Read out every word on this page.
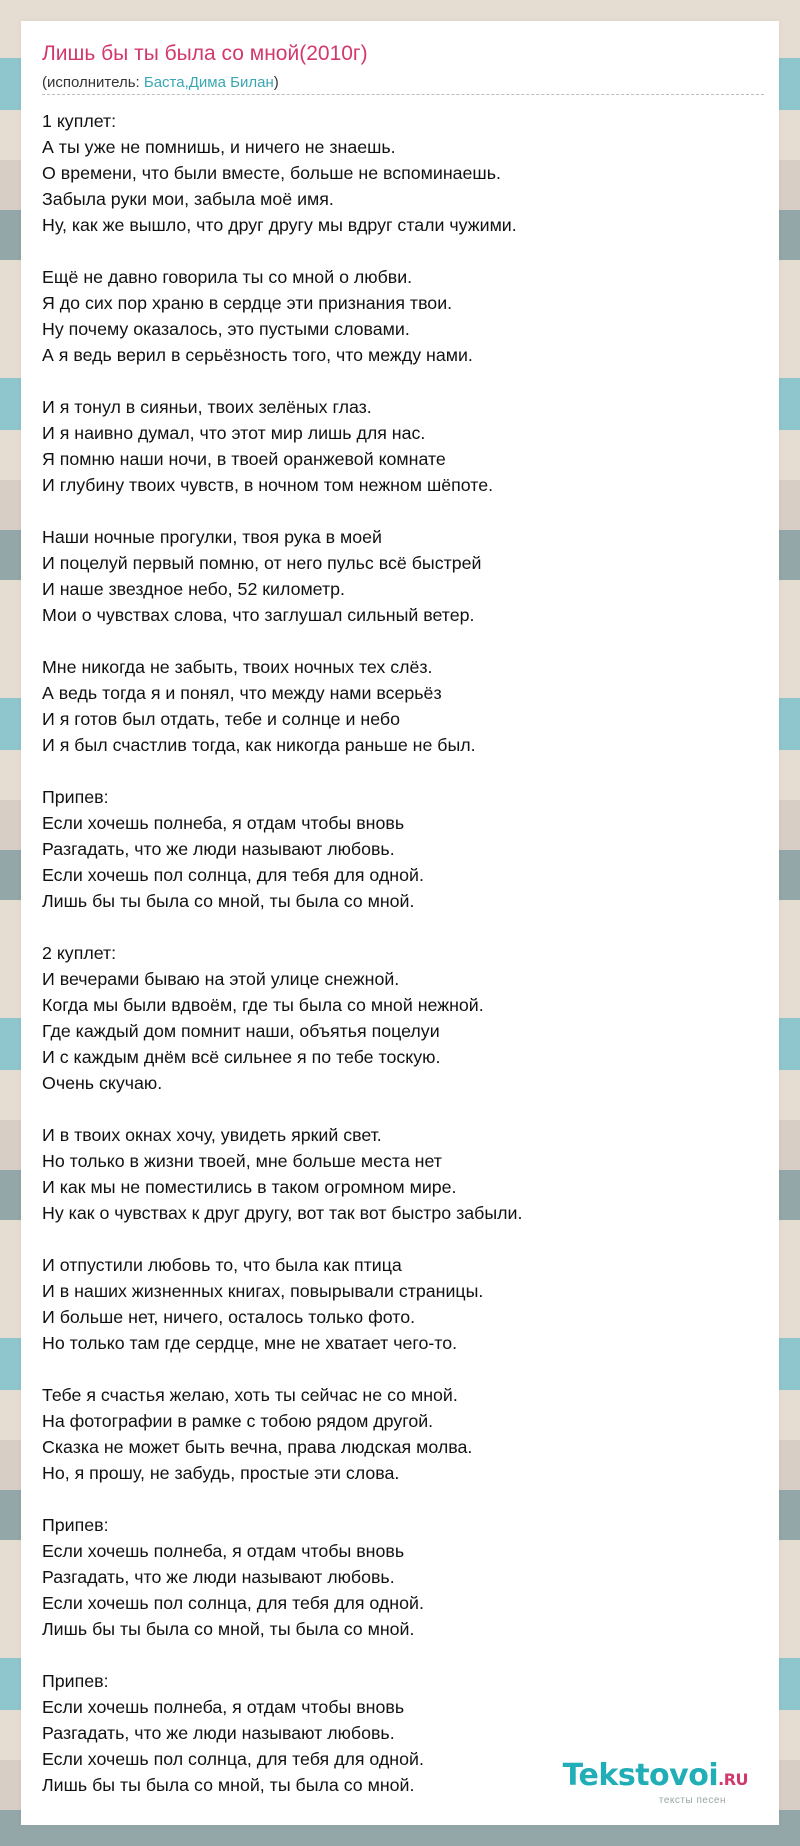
Лишь бы ты была со мной(2010г)
(исполнитель: Баста,Дима Билан)
1 куплет:
А ты уже не помнишь, и ничего не знаешь.
О времени, что были вместе, больше не вспоминаешь.
Забыла руки мои, забыла моё имя.
Ну, как же вышло, что друг другу мы вдруг стали чужими.
Ещё не давно говорила ты со мной о любви.
Я до сих пор храню в сердце эти признания твои.
Ну почему оказалось, это пустыми словами.
А я ведь верил в серьёзность того, что между нами.
И я тонул в сияньи, твоих зелёных глаз.
И я наивно думал, что этот мир лишь для нас.
Я помню наши ночи, в твоей оранжевой комнате
И глубину твоих чувств, в ночном том нежном шёпоте.
Наши ночные прогулки, твоя рука в моей
И поцелуй первый помню, от него пульс всё быстрей
И наше звездное небо, 52 километр.
Мои о чувствах слова, что заглушал сильный ветер.
Мне никогда не забыть, твоих ночных тех слёз.
А ведь тогда я и понял, что между нами всерьёз
И я готов был отдать, тебе и солнце и небо
И я был счастлив тогда, как никогда раньше не был.
Припев:
Если хочешь полнеба, я отдам чтобы вновь
Разгадать, что же люди называют любовь.
Если хочешь пол солнца, для тебя для одной.
Лишь бы ты была со мной, ты была со мной.
2 куплет:
И вечерами бываю на этой улице снежной.
Когда мы были вдвоём, где ты была со мной нежной.
Где каждый дом помнит наши, объятья поцелуи
И с каждым днём всё сильнее я по тебе тоскую.
Очень скучаю.
И в твоих окнах хочу, увидеть яркий свет.
Но только в жизни твоей, мне больше места нет
И как мы не поместились в таком огромном мире.
Ну как о чувствах к друг другу, вот так вот быстро забыли.
И отпустили любовь то, что была как птица
И в наших жизненных книгах, повырывали страницы.
И больше нет, ничего, осталось только фото.
Но только там где сердце, мне не хватает чего-то.
Тебе я счастья желаю, хоть ты сейчас не со мной.
На фотографии в рамке с тобою рядом другой.
Сказка не может быть вечна, права людская молва.
Но, я прошу, не забудь, простые эти слова.
Припев:
Если хочешь полнеба, я отдам чтобы вновь
Разгадать, что же люди называют любовь.
Если хочешь пол солнца, для тебя для одной.
Лишь бы ты была со мной, ты была со мной.
Припев:
Если хочешь полнеба, я отдам чтобы вновь
Разгадать, что же люди называют любовь.
Если хочешь пол солнца, для тебя для одной.
Лишь бы ты была со мной, ты была со мной.	Tekstovoi.RU
тексты песен
